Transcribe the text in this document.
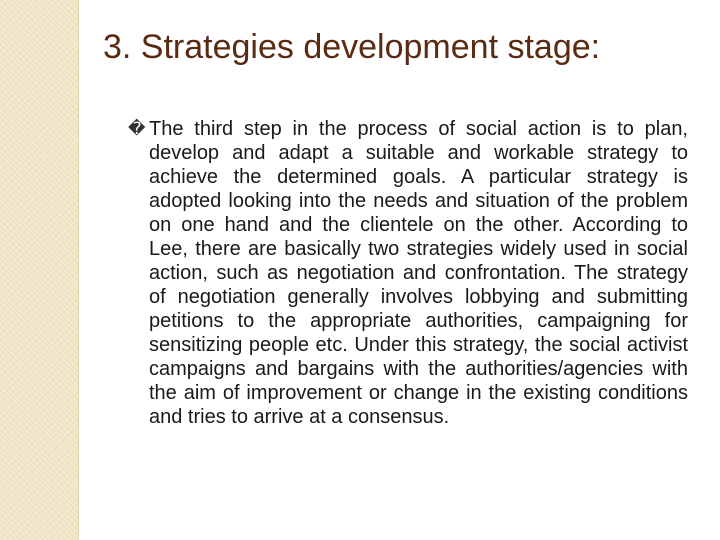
3. Strategies development stage:
� The third step in the process of social action is to plan, develop and adapt a suitable and workable strategy to achieve the determined goals. A particular strategy is adopted looking into the needs and situation of the problem on one hand and the clientele on the other. According to Lee, there are basically two strategies widely used in social action, such as negotiation and confrontation. The strategy of negotiation generally involves lobbying and submitting petitions to the appropriate authorities, campaigning for sensitizing people etc. Under this strategy, the social activist campaigns and bargains with the authorities/agencies with the aim of improvement or change in the existing conditions and tries to arrive at a consensus.
